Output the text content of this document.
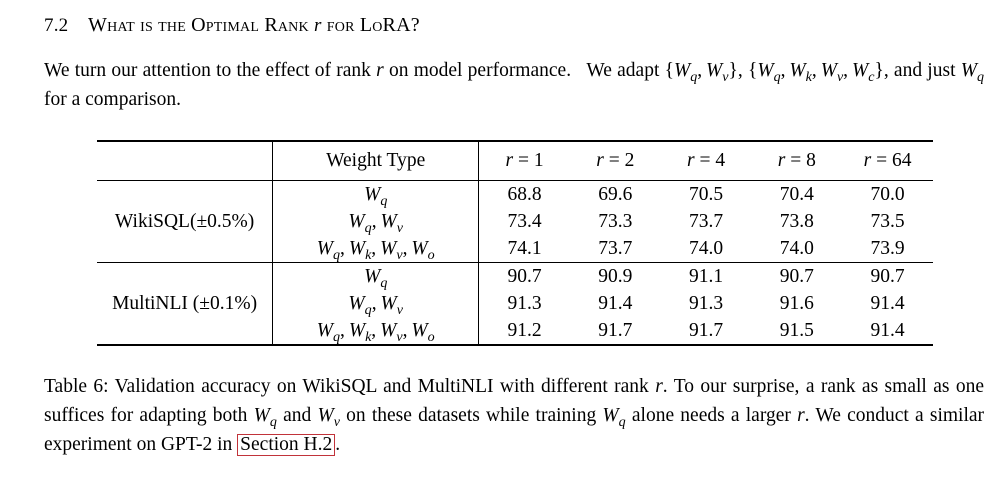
7.2 What is the Optimal Rank r for LoRA?
We turn our attention to the effect of rank r on model performance.   We adapt {$W_q$, $W_v$}, {$W_q$, $W_k$, $W_v$, $W_c$}, and just $W_q$ for a comparison.

	Weight Type	r = 1	r = 2	r = 4	r = 8	r = 64

WikiSQL(±0.5%)	$W_q$	68.8	69.6	70.5	70.4	70.0
	$W_q$, $W_v$	73.4	73.3	73.7	73.8	73.5
	$W_q$, $W_k$, $W_v$, $W_o$	74.1	73.7	74.0	74.0	73.9

MultiNLI (±0.1%)	$W_q$	90.7	90.9	91.1	90.7	90.7
	$W_q$, $W_v$	91.3	91.4	91.3	91.6	91.4
	$W_q$, $W_k$, $W_v$, $W_o$	91.2	91.7	91.7	91.5	91.4

Table 6: Validation accuracy on WikiSQL and MultiNLI with different rank r. To our surprise, a rank as small as one suffices for adapting both $W_q$ and $W_v$ on these datasets while training $W_q$ alone needs a larger r. We conduct a similar experiment on GPT-2 in Section H.2 .
